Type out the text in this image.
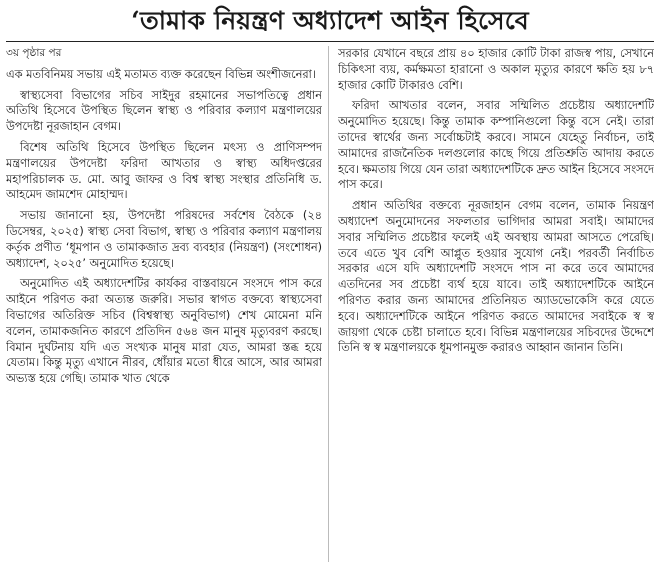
‘তামাক নিয়ন্ত্রণ অধ্যাদেশ আইন হিসেবে

৩য় পৃষ্ঠার পর

এক মতবিনিময় সভায় এই মতামত ব্যক্ত করেছেন বিভিন্ন অংশীজনেরা।

স্বাস্থ্যসেবা বিভাগের সচিব সাইদুর রহমানের সভাপতিত্বে প্রধান অতিথি হিসেবে উপস্থিত ছিলেন স্বাস্থ্য ও পরিবার কল্যাণ মন্ত্রণালয়ের উপদেষ্টা নূরজাহান বেগম।

বিশেষ অতিথি হিসেবে উপস্থিত ছিলেন মৎস্য ও প্রাণিসম্পদ মন্ত্রণালয়ের উপদেষ্টা ফরিদা আখতার ও স্বাস্থ্য অধিদপ্তরের মহাপরিচালক ড. মো. আবু জাফর ও বিশ্ব স্বাস্থ্য সংস্থার প্রতিনিধি ড. আহমেদ জামশেদ মোহাম্মদ।

সভায় জানানো হয়, উপদেষ্টা পরিষদের সর্বশেষ বৈঠকে (২৪ ডিসেম্বর, ২০২৫) স্বাস্থ্য সেবা বিভাগ, স্বাস্থ্য ও পরিবার কল্যাণ মন্ত্রণালয় কর্তৃক প্রণীত ‘ধূমপান ও তামাকজাত দ্রব্য ব্যবহার (নিয়ন্ত্রণ) (সংশোধন) অধ্যাদেশ, ২০২৫’ অনুমোদিত হয়েছে।

অনুমোদিত এই অধ্যাদেশটির কার্যকর বাস্তবায়নে সংসদে পাস করে আইনে পরিণত করা অত্যন্ত জরুরি। সভার স্বাগত বক্তব্যে স্বাস্থ্যসেবা বিভাগের অতিরিক্ত সচিব (বিশ্বস্বাস্থ্য অনুবিভাগ) শেখ মোমেনা মনি বলেন, তামাকজনিত কারণে প্রতিদিন ৫৬৪ জন মানুষ মৃত্যুবরণ করছে। বিমান দুর্ঘটনায় যদি এত সংখ্যক মানুষ মারা যেত, আমরা স্তব্ধ হয়ে যেতাম। কিন্তু মৃত্যু এখানে নীরব, ধোঁয়ার মতো ধীরে আসে, আর আমরা অভ্যস্ত হয়ে গেছি। তামাক খাত থেকে

সরকার যেখানে বছরে প্রায় ৪০ হাজার কোটি টাকা রাজস্ব পায়, সেখানে চিকিৎসা ব্যয়, কর্মক্ষমতা হারানো ও অকাল মৃত্যুর কারণে ক্ষতি হয় ৮৭ হাজার কোটি টাকারও বেশি।

ফরিদা আখতার বলেন, সবার সম্মিলিত প্রচেষ্টায় অধ্যাদেশটি অনুমোদিত হয়েছে। কিন্তু তামাক কম্পানিগুলো কিন্তু বসে নেই। তারা তাদের স্বার্থের জন্য সর্বোচ্চটাই করবে। সামনে যেহেতু নির্বাচন, তাই আমাদের রাজনৈতিক দলগুলোর কাছে গিয়ে প্রতিশ্রুতি আদায় করতে হবে। ক্ষমতায় গিয়ে যেন তারা অধ্যাদেশটিকে দ্রুত আইন হিসেবে সংসদে পাস করে।

প্রধান অতিথির বক্তব্যে নূরজাহান বেগম বলেন, তামাক নিয়ন্ত্রণ অধ্যাদেশ অনুমোদনের সফলতার ভাগিদার আমরা সবাই। আমাদের সবার সম্মিলিত প্রচেষ্টার ফলেই এই অবস্থায় আমরা আসতে পেরেছি। তবে এতে খুব বেশি আপ্লুত হওয়ার সুযোগ নেই। পরবর্তী নির্বাচিত সরকার এসে যদি অধ্যাদেশটি সংসদে পাস না করে তবে আমাদের এতদিনের সব প্রচেষ্টা ব্যর্থ হয়ে যাবে। তাই অধ্যাদেশটিকে আইনে পরিণত করার জন্য আমাদের প্রতিনিয়ত অ্যাডভোকেসি করে যেতে হবে। অধ্যাদেশটিকে আইনে পরিণত করতে আমাদের সবাইকে স্ব স্ব জায়গা থেকে চেষ্টা চালাতে হবে। বিভিন্ন মন্ত্রণালয়ের সচিবদের উদ্দেশে তিনি স্ব স্ব মন্ত্রণালয়কে ধূমপানমুক্ত করারও আহ্বান জানান তিনি।
